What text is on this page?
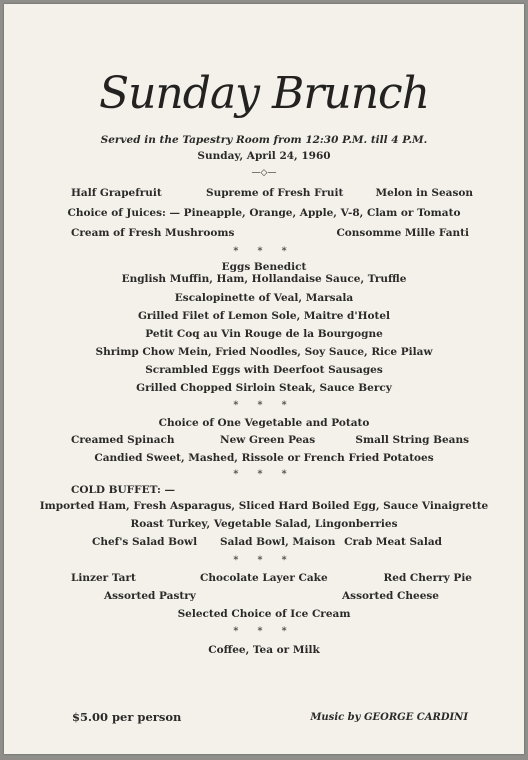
Sunday Brunch
Served in the Tapestry Room from 12:30 P.M. till 4 P.M.
Sunday, April 24, 1960
—◇—
Half Grapefruit	Supreme of Fresh Fruit	Melon in Season
Choice of Juices: — Pineapple, Orange, Apple, V-8, Clam or Tomato
Cream of Fresh Mushrooms	Consomme Mille Fanti
* * *
Eggs Benedict
English Muffin, Ham, Hollandaise Sauce, Truffle
Escalopinette of Veal, Marsala
Grilled Filet of Lemon Sole, Maitre d'Hotel
Petit Coq au Vin Rouge de la Bourgogne
Shrimp Chow Mein, Fried Noodles, Soy Sauce, Rice Pilaw
Scrambled Eggs with Deerfoot Sausages
Grilled Chopped Sirloin Steak, Sauce Bercy
* * *
Choice of One Vegetable and Potato
Creamed Spinach	New Green Peas	Small String Beans
Candied Sweet, Mashed, Rissole or French Fried Potatoes
* * *
COLD BUFFET: —
Imported Ham, Fresh Asparagus, Sliced Hard Boiled Egg, Sauce Vinaigrette
Roast Turkey, Vegetable Salad, Lingonberries
Chef's Salad Bowl Salad Bowl, Maison Crab Meat Salad
* * *
Linzer Tart	Chocolate Layer Cake	Red Cherry Pie
Assorted Pastry	Assorted Cheese
Selected Choice of Ice Cream
* * *
Coffee, Tea or Milk
$5.00 per person	Music by GEORGE CARDINI
